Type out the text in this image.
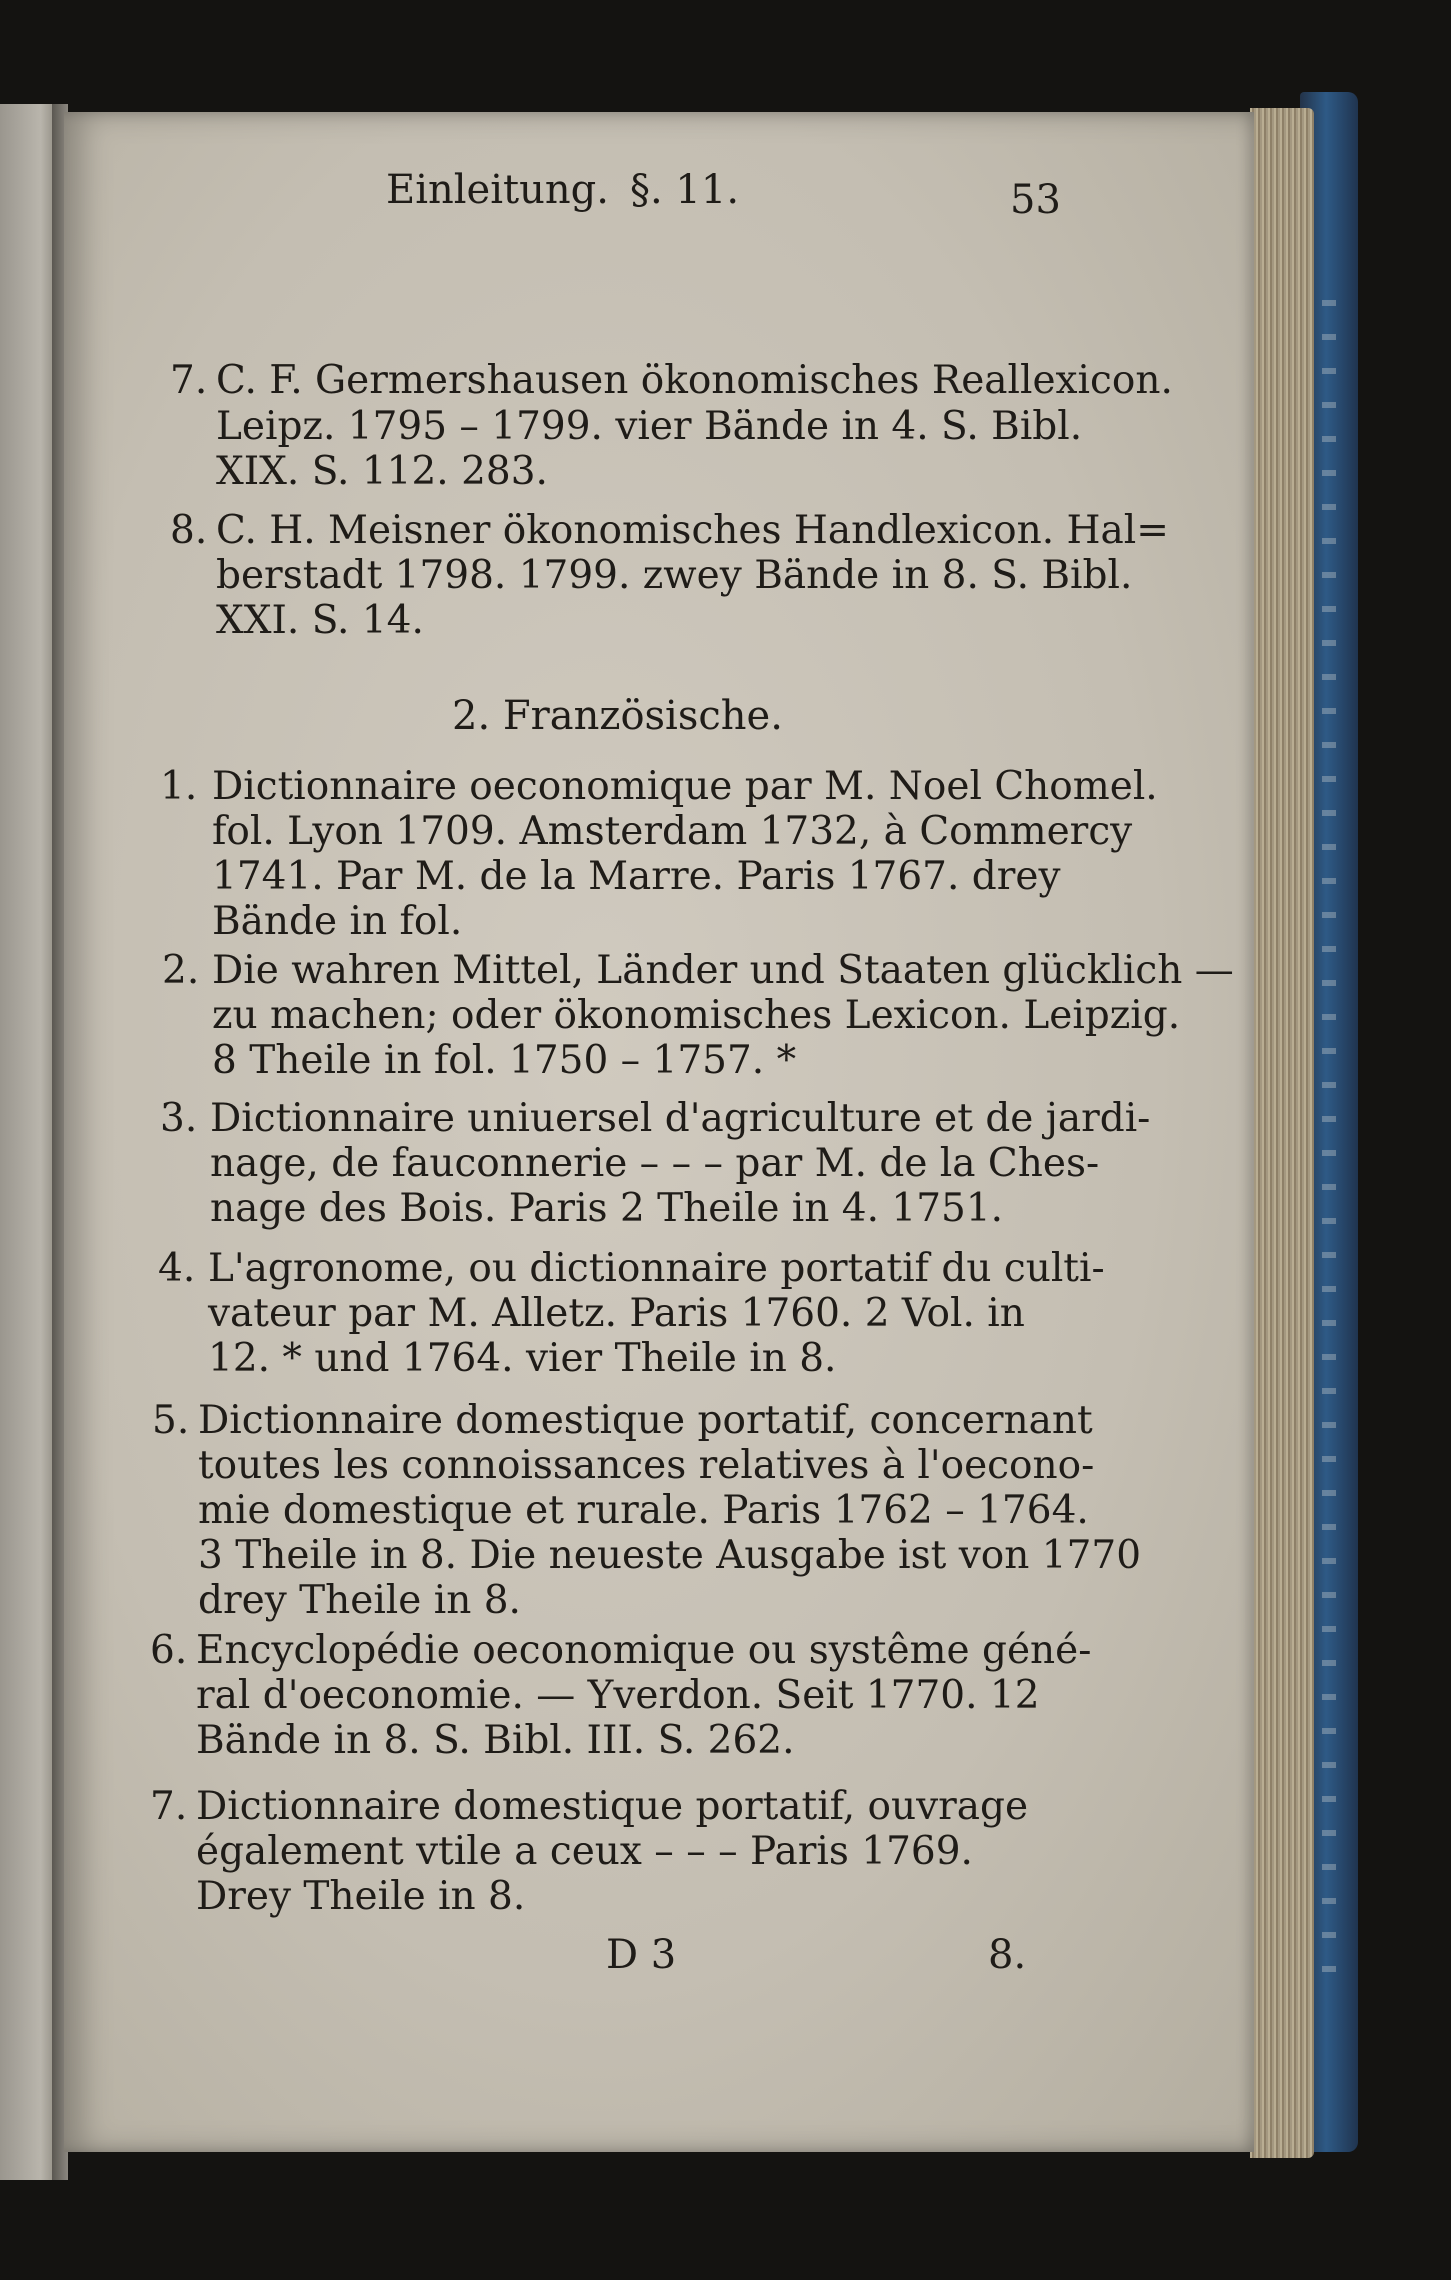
Einleitung. §. 11.	53
7. C. F. Germershausen ökonomisches Reallexicon.
Leipz. 1795 – 1799. vier Bände in 4. S. Bibl.
XIX. S. 112. 283.
8. C. H. Meisner ökonomisches Handlexicon. Hal=
berstadt 1798. 1799. zwey Bände in 8. S. Bibl.
XXI. S. 14.
2. Französische.
1. Dictionnaire oeconomique par M. Noel Chomel.
fol. Lyon 1709. Amsterdam 1732, à Commercy
1741. Par M. de la Marre. Paris 1767. drey
Bände in fol.
2. Die wahren Mittel, Länder und Staaten glücklich —
zu machen; oder ökonomisches Lexicon. Leipzig.
8 Theile in fol. 1750 – 1757. *
3. Dictionnaire uniuersel d'agriculture et de jardi-
nage, de fauconnerie – – – par M. de la Ches-
nage des Bois. Paris 2 Theile in 4. 1751.
4. L'agronome, ou dictionnaire portatif du culti-
vateur par M. Alletz. Paris 1760. 2 Vol. in
12. * und 1764. vier Theile in 8.
5. Dictionnaire domestique portatif, concernant
toutes les connoissances relatives à l'oecono-
mie domestique et rurale. Paris 1762 – 1764.
3 Theile in 8. Die neueste Ausgabe ist von 1770
drey Theile in 8.
6. Encyclopédie oeconomique ou systême géné-
ral d'oeconomie. — Yverdon. Seit 1770. 12
Bände in 8. S. Bibl. III. S. 262.
7. Dictionnaire domestique portatif, ouvrage
également vtile a ceux – – – Paris 1769.
Drey Theile in 8.
D 3	8.
